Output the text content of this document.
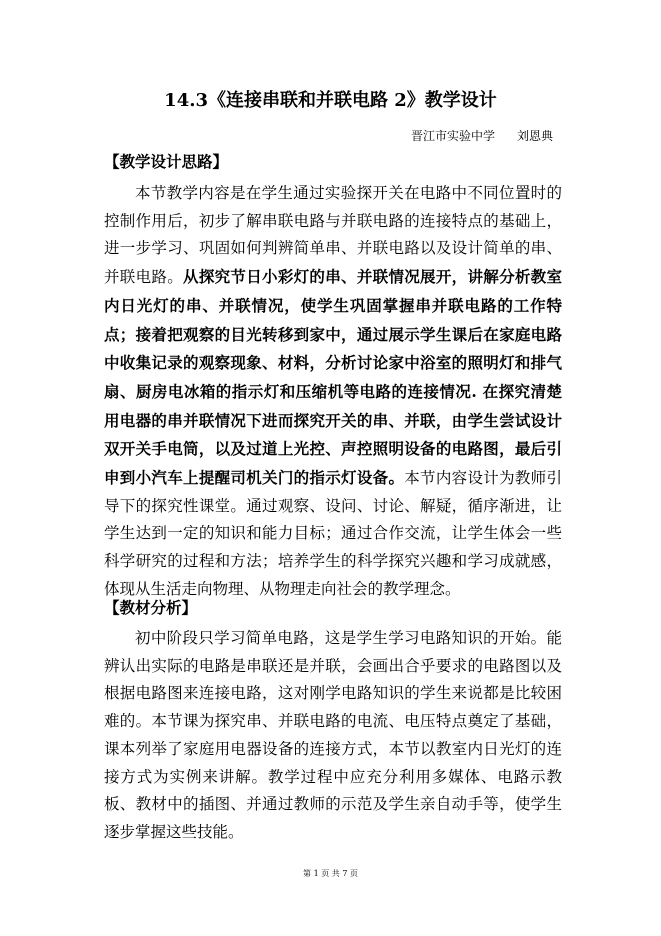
14.3《连接串联和并联电路 2》教学设计
晋江市实验中学 刘恩典
【教学设计思路】

本节教学内容是在学生通过实验探开关在电路中不同位置时的控制作用后，初步了解串联电路与并联电路的连接特点的基础上，进一步学习、巩固如何判辨简单串、并联电路以及设计简单的串、并联电路。从探究节日小彩灯的串、并联情况展开，讲解分析教室内日光灯的串、并联情况，使学生巩固掌握串并联电路的工作特点；接着把观察的目光转移到家中，通过展示学生课后在家庭电路中收集记录的观察现象、材料，分析讨论家中浴室的照明灯和排气扇、厨房电冰箱的指示灯和压缩机等电路的连接情况. 在探究清楚用电器的串并联情况下进而探究开关的串、并联，由学生尝试设计双开关手电筒，以及过道上光控、声控照明设备的电路图，最后引申到小汽车上提醒司机关门的指示灯设备。本节内容设计为教师引导下的探究性课堂。通过观察、设问、讨论、解疑，循序渐进，让学生达到一定的知识和能力目标；通过合作交流，让学生体会一些科学研究的过程和方法；培养学生的科学探究兴趣和学习成就感，体现从生活走向物理、从物理走向社会的教学理念。

【教材分析】

初中阶段只学习简单电路，这是学生学习电路知识的开始。能辨认出实际的电路是串联还是并联，会画出合乎要求的电路图以及根据电路图来连接电路，这对刚学电路知识的学生来说都是比较困难的。本节课为探究串、并联电路的电流、电压特点奠定了基础，课本列举了家庭用电器设备的连接方式，本节以教室内日光灯的连接方式为实例来讲解。教学过程中应充分利用多媒体、电路示教板、教材中的插图、并通过教师的示范及学生亲自动手等，使学生逐步掌握这些技能。

第 1 页 共 7 页
